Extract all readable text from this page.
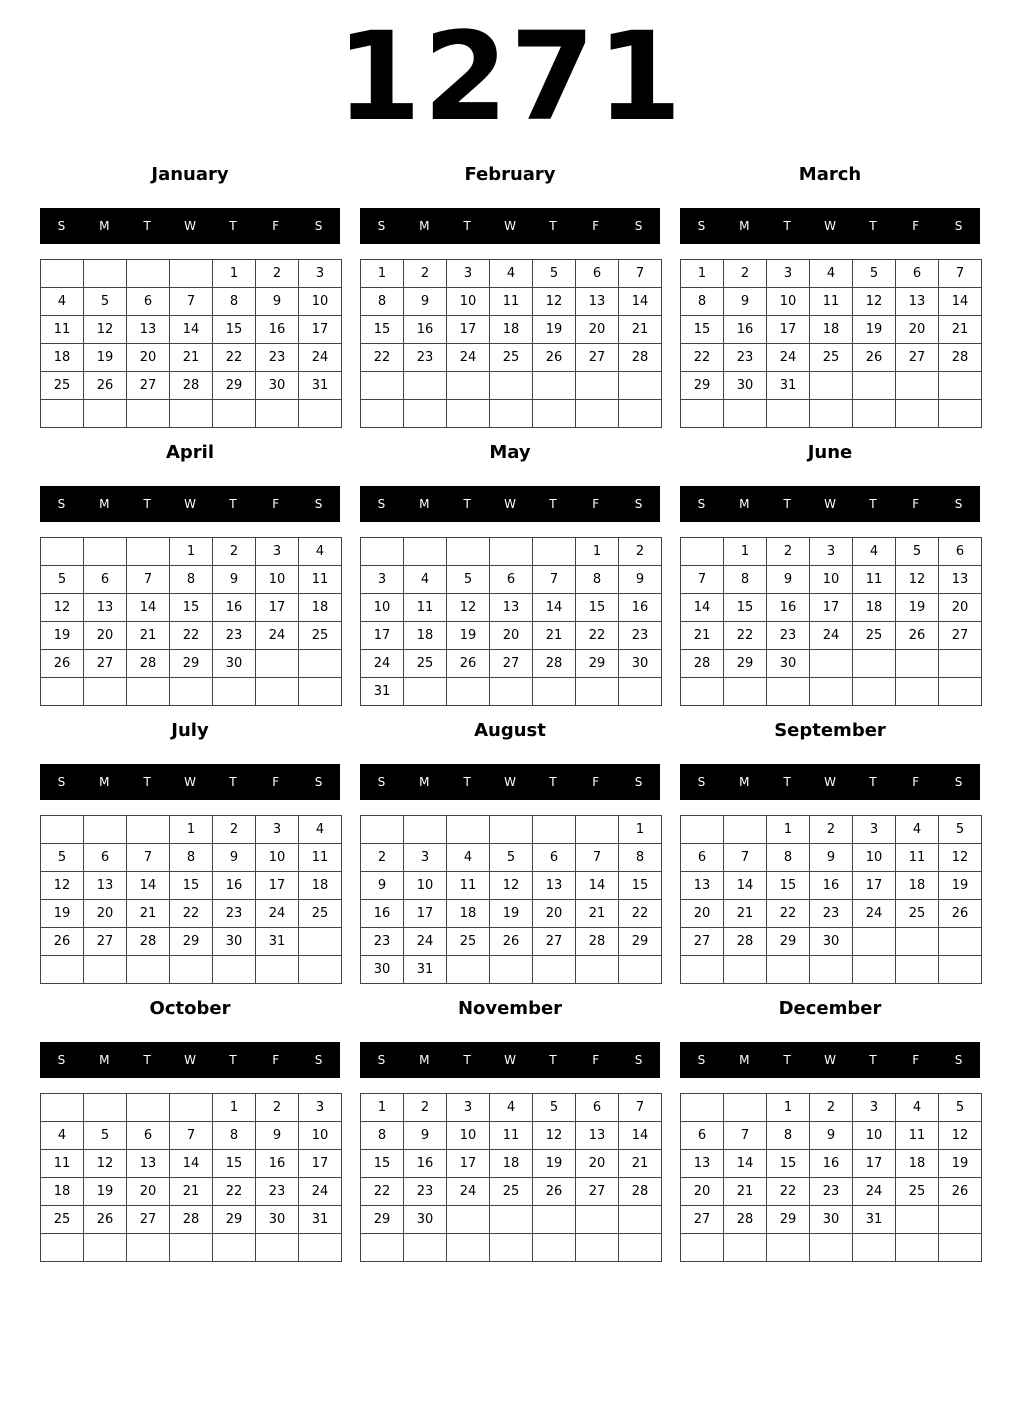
1271
January
S	M	T	W	T	F	S
				1	2	3
4	5	6	7	8	9	10
11	12	13	14	15	16	17
18	19	20	21	22	23	24
25	26	27	28	29	30	31

February
S	M	T	W	T	F	S
1	2	3	4	5	6	7
8	9	10	11	12	13	14
15	16	17	18	19	20	21
22	23	24	25	26	27	28

March
S	M	T	W	T	F	S
1	2	3	4	5	6	7
8	9	10	11	12	13	14
15	16	17	18	19	20	21
22	23	24	25	26	27	28
29	30	31				

April
S	M	T	W	T	F	S
			1	2	3	4
5	6	7	8	9	10	11
12	13	14	15	16	17	18
19	20	21	22	23	24	25
26	27	28	29	30		

May
S	M	T	W	T	F	S
					1	2
3	4	5	6	7	8	9
10	11	12	13	14	15	16
17	18	19	20	21	22	23
24	25	26	27	28	29	30
31						
June
S	M	T	W	T	F	S
	1	2	3	4	5	6
7	8	9	10	11	12	13
14	15	16	17	18	19	20
21	22	23	24	25	26	27
28	29	30				

July
S	M	T	W	T	F	S
			1	2	3	4
5	6	7	8	9	10	11
12	13	14	15	16	17	18
19	20	21	22	23	24	25
26	27	28	29	30	31	

August
S	M	T	W	T	F	S
						1
2	3	4	5	6	7	8
9	10	11	12	13	14	15
16	17	18	19	20	21	22
23	24	25	26	27	28	29
30	31					
September
S	M	T	W	T	F	S
		1	2	3	4	5
6	7	8	9	10	11	12
13	14	15	16	17	18	19
20	21	22	23	24	25	26
27	28	29	30			

October
S	M	T	W	T	F	S
				1	2	3
4	5	6	7	8	9	10
11	12	13	14	15	16	17
18	19	20	21	22	23	24
25	26	27	28	29	30	31

November
S	M	T	W	T	F	S
1	2	3	4	5	6	7
8	9	10	11	12	13	14
15	16	17	18	19	20	21
22	23	24	25	26	27	28
29	30					

December
S	M	T	W	T	F	S
		1	2	3	4	5
6	7	8	9	10	11	12
13	14	15	16	17	18	19
20	21	22	23	24	25	26
27	28	29	30	31		
